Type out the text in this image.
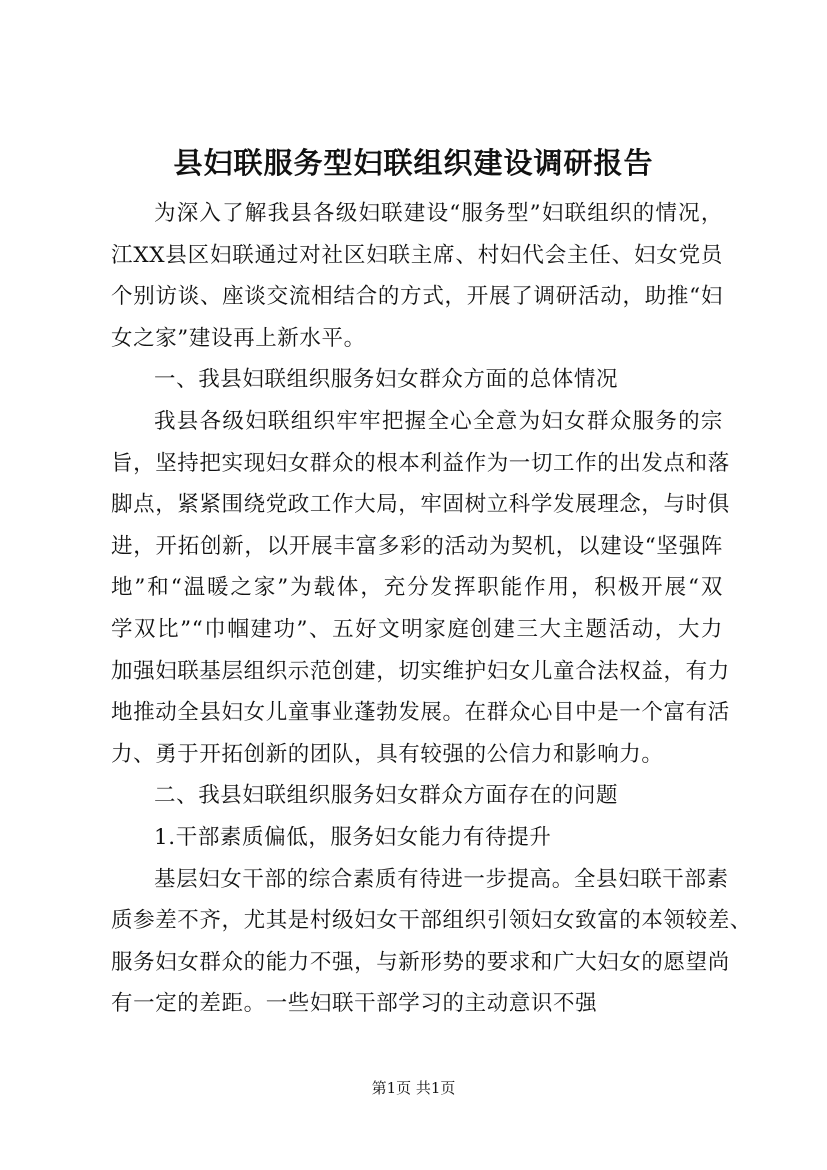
县妇联服务型妇联组织建设调研报告

为深入了解我县各级妇联建设“服务型”妇联组织的情况，

江XX县区妇联通过对社区妇联主席、村妇代会主任、妇女党员

个别访谈、座谈交流相结合的方式，开展了调研活动，助推“妇

女之家”建设再上新水平。

一、我县妇联组织服务妇女群众方面的总体情况

我县各级妇联组织牢牢把握全心全意为妇女群众服务的宗

旨，坚持把实现妇女群众的根本利益作为一切工作的出发点和落

脚点，紧紧围绕党政工作大局，牢固树立科学发展理念，与时俱

进，开拓创新，以开展丰富多彩的活动为契机，以建设“坚强阵

地”和“温暖之家”为载体，充分发挥职能作用，积极开展“双

学双比”“巾帼建功”、五好文明家庭创建三大主题活动，大力

加强妇联基层组织示范创建，切实维护妇女儿童合法权益，有力

地推动全县妇女儿童事业蓬勃发展。在群众心目中是一个富有活

力、勇于开拓创新的团队，具有较强的公信力和影响力。

二、我县妇联组织服务妇女群众方面存在的问题

1.干部素质偏低，服务妇女能力有待提升

基层妇女干部的综合素质有待进一步提高。全县妇联干部素

质参差不齐，尤其是村级妇女干部组织引领妇女致富的本领较差、

服务妇女群众的能力不强，与新形势的要求和广大妇女的愿望尚

有一定的差距。一些妇联干部学习的主动意识不强

第1页 共1页
